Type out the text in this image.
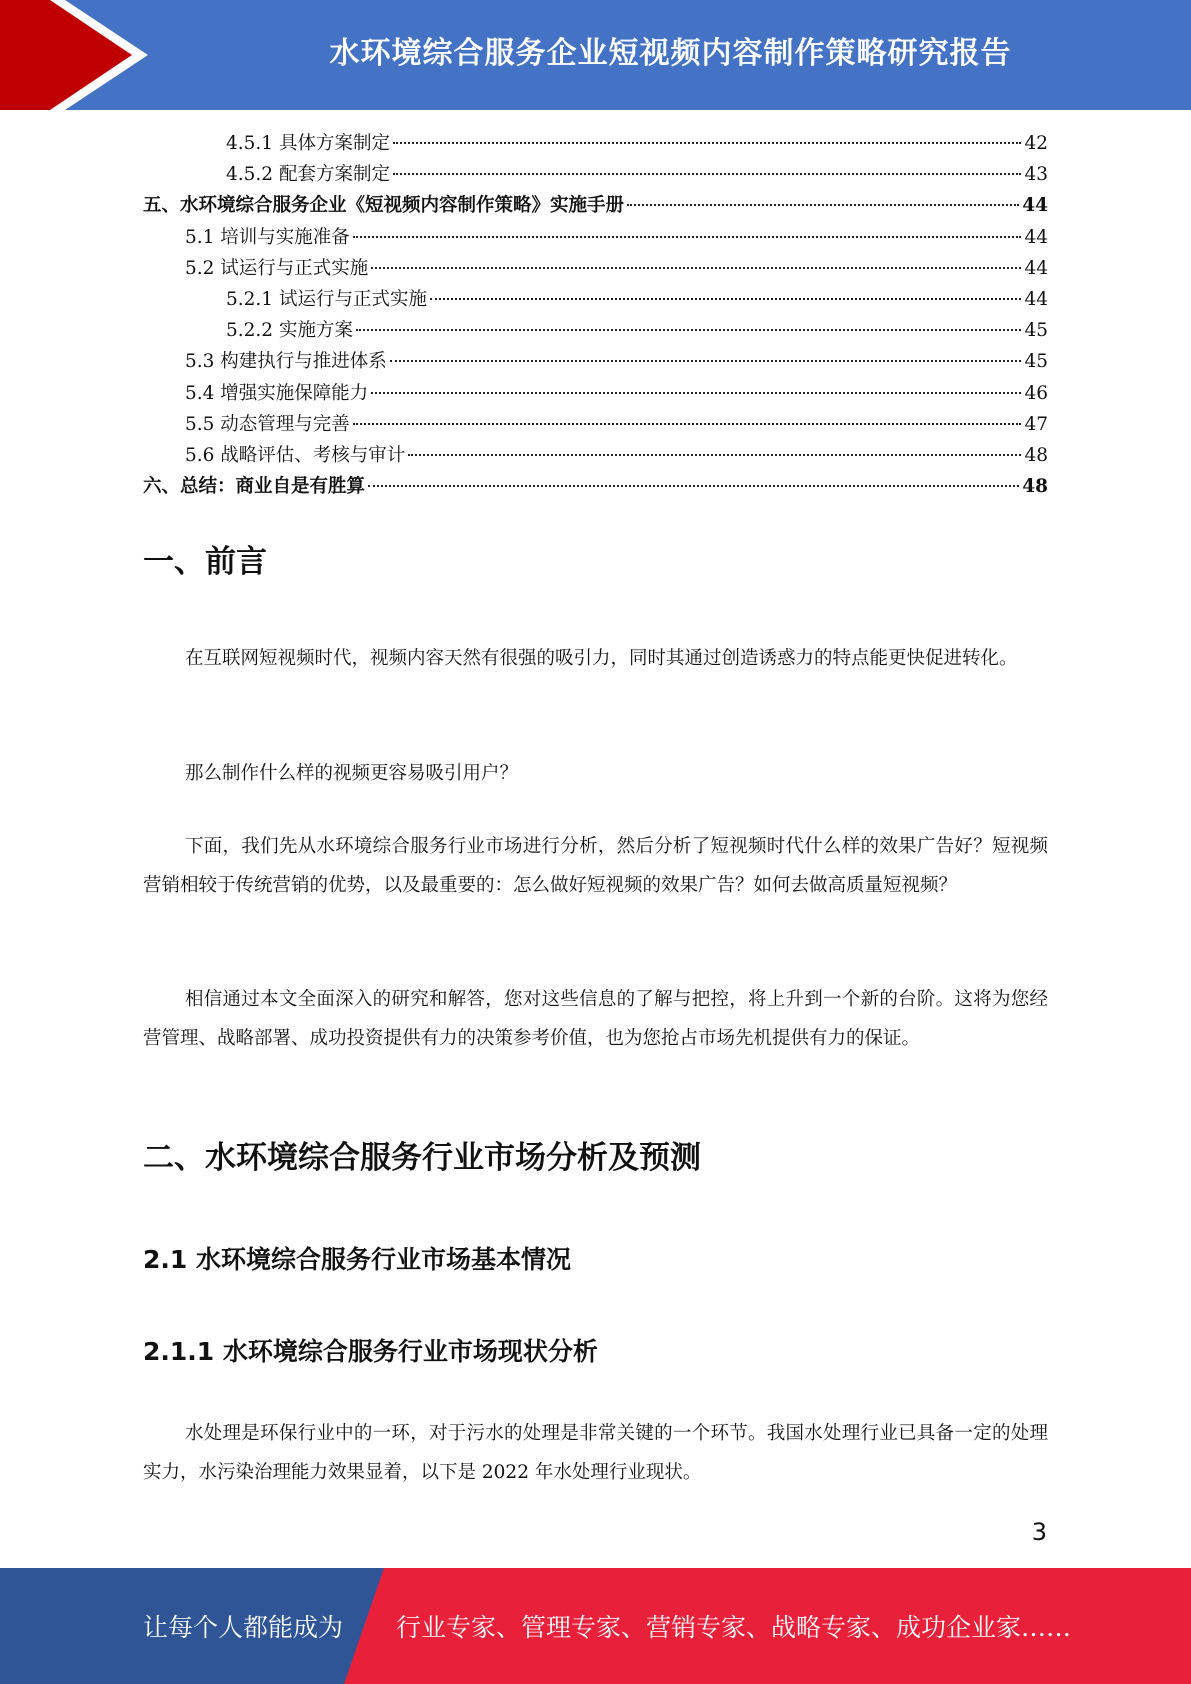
水环境综合服务企业短视频内容制作策略研究报告
4.5.1 具体方案制定	42
4.5.2 配套方案制定	43
五、水环境综合服务企业《短视频内容制作策略》实施手册	44
5.1 培训与实施准备	44
5.2 试运行与正式实施	44
5.2.1 试运行与正式实施	44
5.2.2 实施方案	45
5.3 构建执行与推进体系	45
5.4 增强实施保障能力	46
5.5 动态管理与完善	47
5.6 战略评估、考核与审计	48
六、总结：商业自是有胜算	48
一、前言

在互联网短视频时代，视频内容天然有很强的吸引力，同时其通过创造诱惑力的特点能更快促进转化。

那么制作什么样的视频更容易吸引用户？

下面，我们先从水环境综合服务行业市场进行分析，然后分析了短视频时代什么样的效果广告好？短视频营销相较于传统营销的优势，以及最重要的：怎么做好短视频的效果广告？如何去做高质量短视频？

相信通过本文全面深入的研究和解答，您对这些信息的了解与把控，将上升到一个新的台阶。这将为您经营管理、战略部署、成功投资提供有力的决策参考价值，也为您抢占市场先机提供有力的保证。

二、水环境综合服务行业市场分析及预测
2.1 水环境综合服务行业市场基本情况
2.1.1 水环境综合服务行业市场现状分析

水处理是环保行业中的一环，对于污水的处理是非常关键的一个环节。我国水处理行业已具备一定的处理实力，水污染治理能力效果显着，以下是 2022 年水处理行业现状。

3
让每个人都能成为 行业专家、管理专家、营销专家、战略专家、成功企业家……
